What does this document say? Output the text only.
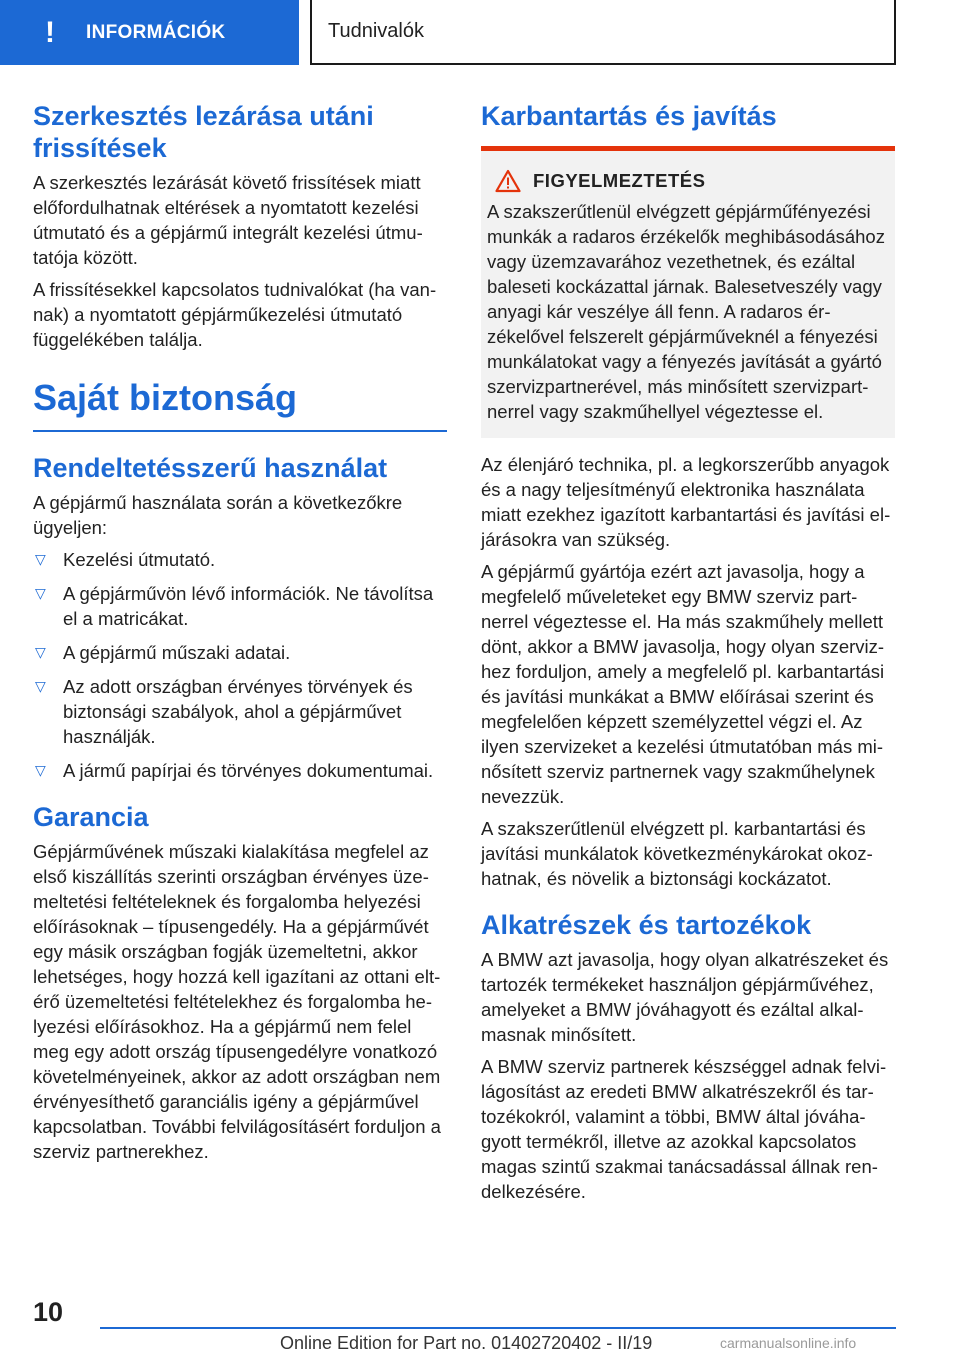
!	INFORMÁCIÓK	Tudnivalók
Szerkesztés lezárása utáni frissítések

A szerkesztés lezárását követő frissítések miatt előfordulhatnak eltérések a nyomtatott kezelési útmutató és a gépjármű integrált kezelési útmutatója között.

A frissítésekkel kapcsolatos tudnivalókat (ha vannak) a nyomtatott gépjárműkezelési útmutató függelékében találja.

Saját biztonság
Rendeltetésszerű használat

A gépjármű használata során a következőkre ügyeljen:

▽ Kezelési útmutató.
▽ A gépjárművön lévő információk. Ne távolítsa el a matricákat.
▽ A gépjármű műszaki adatai.
▽ Az adott országban érvényes törvények és biztonsági szabályok, ahol a gépjárművet használják.
▽ A jármű papírjai és törvényes dokumentumai.
Garancia

Gépjárművének műszaki kialakítása megfelel az első kiszállítás szerinti országban érvényes üzemeltetési feltételeknek és forgalomba helyezési előírásoknak – típusengedély. Ha a gépjárművét egy másik országban fogják üzemeltetni, akkor lehetséges, hogy hozzá kell igazítani az ottani eltérő üzemeltetési feltételekhez és forgalomba helyezési előírásokhoz. Ha a gépjármű nem felel meg egy adott ország típusengedélyre vonatkozó követelményeinek, akkor az adott országban nem érvényesíthető garanciális igény a gépjárművel kapcsolatban. További felvilágosításért forduljon a szerviz partnerekhez.

Karbantartás és javítás
FIGYELMEZTETÉS

A szakszerűtlenül elvégzett gépjárműfényezési munkák a radaros érzékelők meghibásodásához vagy üzemzavarához vezethetnek, és ezáltal baleseti kockázattal járnak. Balesetveszély vagy anyagi kár veszélye áll fenn. A radaros érzékelővel felszerelt gépjárműveknél a fényezési munkálatokat vagy a fényezés javítását a gyártó szervizpartnerével, más minősített szervizpartnerrel vagy szakműhellyel végeztesse el.

Az élenjáró technika, pl. a legkorszerűbb anyagok és a nagy teljesítményű elektronika használata miatt ezekhez igazított karbantartási és javítási eljárásokra van szükség.

A gépjármű gyártója ezért azt javasolja, hogy a megfelelő műveleteket egy BMW szerviz partnerrel végeztesse el. Ha más szakműhely mellett dönt, akkor a BMW javasolja, hogy olyan szervizhez forduljon, amely a megfelelő pl. karbantartási és javítási munkákat a BMW előírásai szerint és megfelelően képzett személyzettel végzi el. Az ilyen szervizeket a kezelési útmutatóban más minősített szerviz partnernek vagy szakműhelynek nevezzük.

A szakszerűtlenül elvégzett pl. karbantartási és javítási munkálatok következménykárokat okozhatnak, és növelik a biztonsági kockázatot.

Alkatrészek és tartozékok

A BMW azt javasolja, hogy olyan alkatrészeket és tartozék termékeket használjon gépjárművéhez, amelyeket a BMW jóváhagyott és ezáltal alkalmasnak minősített.

A BMW szerviz partnerek készséggel adnak felvilágosítást az eredeti BMW alkatrészekről és tartozékokról, valamint a többi, BMW által jóváhagyott termékről, illetve az azokkal kapcsolatos magas szintű szakmai tanácsadással állnak rendelkezésére.

10
Online Edition for Part no. 01402720402 - II/19	carmanualsonline.info
